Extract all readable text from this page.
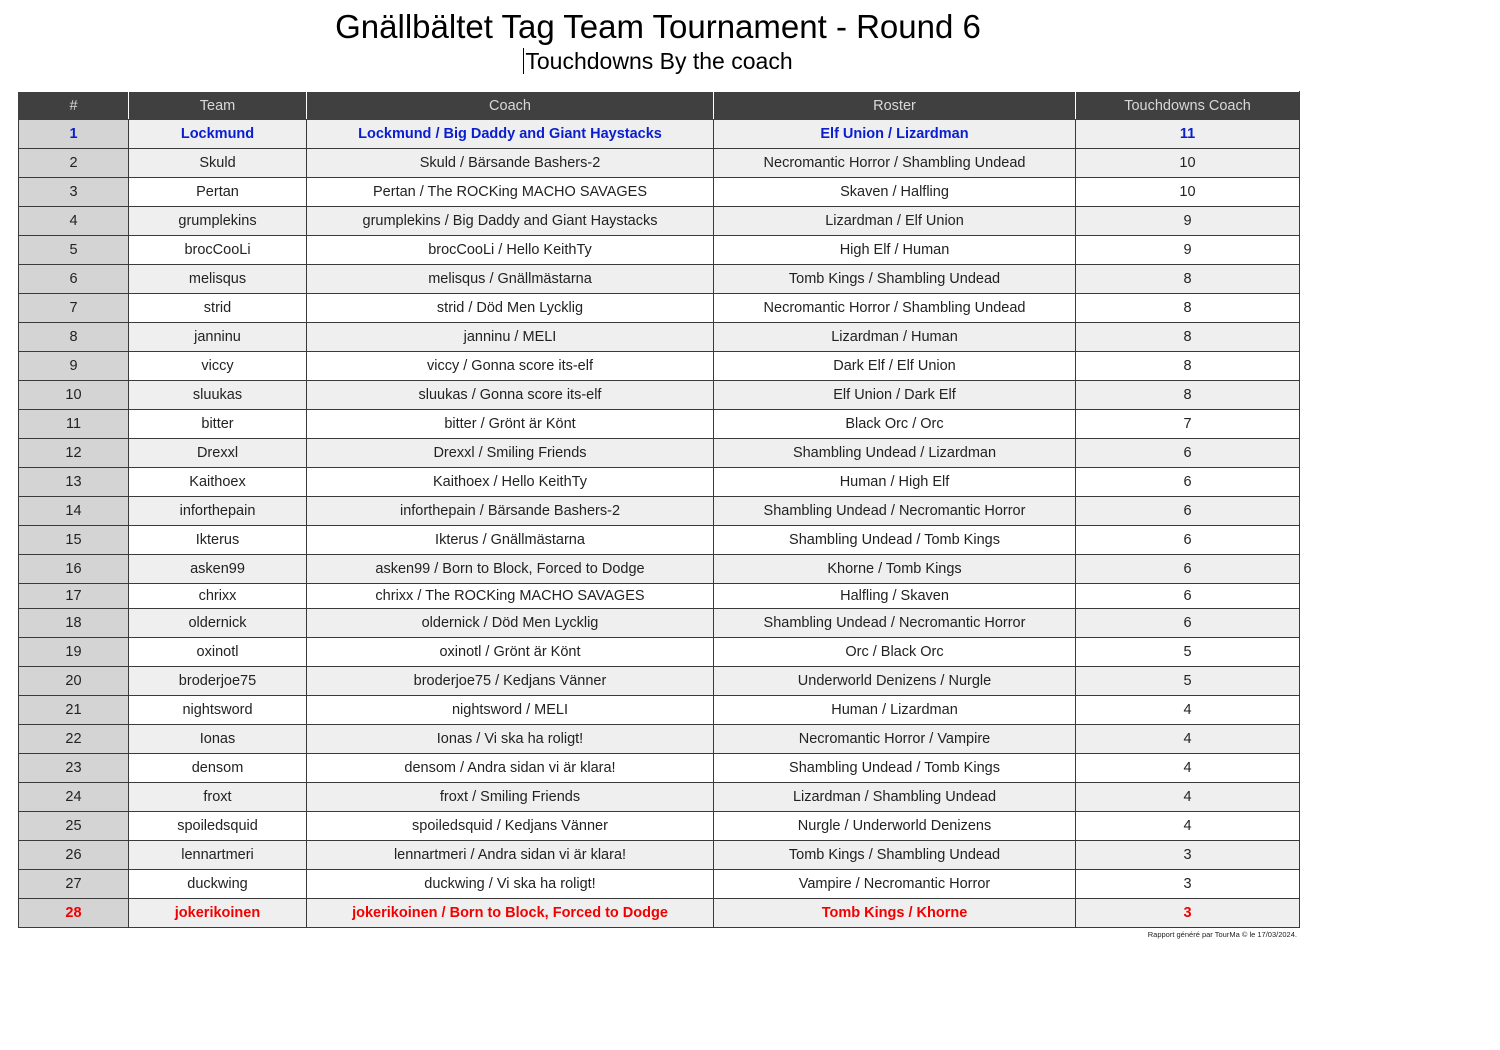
Gnällbältet Tag Team Tournament - Round 6
Touchdowns By the coach
#	Team	Coach	Roster	Touchdowns Coach
1	Lockmund	Lockmund / Big Daddy and Giant Haystacks	Elf Union / Lizardman	11
2	Skuld	Skuld / Bärsande Bashers-2	Necromantic Horror / Shambling Undead	10
3	Pertan	Pertan / The ROCKing MACHO SAVAGES	Skaven / Halfling	10
4	grumplekins	grumplekins / Big Daddy and Giant Haystacks	Lizardman / Elf Union	9
5	brocCooLi	brocCooLi / Hello KeithTy	High Elf / Human	9
6	melisqus	melisqus / Gnällmästarna	Tomb Kings / Shambling Undead	8
7	strid	strid / Död Men Lycklig	Necromantic Horror / Shambling Undead	8
8	janninu	janninu / MELI	Lizardman / Human	8
9	viccy	viccy / Gonna score its-elf	Dark Elf / Elf Union	8
10	sluukas	sluukas / Gonna score its-elf	Elf Union / Dark Elf	8
11	bitter	bitter / Grönt är Könt	Black Orc / Orc	7
12	Drexxl	Drexxl / Smiling Friends	Shambling Undead / Lizardman	6
13	Kaithoex	Kaithoex / Hello KeithTy	Human / High Elf	6
14	inforthepain	inforthepain / Bärsande Bashers-2	Shambling Undead / Necromantic Horror	6
15	Ikterus	Ikterus / Gnällmästarna	Shambling Undead / Tomb Kings	6
16	asken99	asken99 / Born to Block, Forced to Dodge	Khorne / Tomb Kings	6
17	chrixx	chrixx / The ROCKing MACHO SAVAGES	Halfling / Skaven	6
18	oldernick	oldernick / Död Men Lycklig	Shambling Undead / Necromantic Horror	6
19	oxinotl	oxinotl / Grönt är Könt	Orc / Black Orc	5
20	broderjoe75	broderjoe75 / Kedjans Vänner	Underworld Denizens / Nurgle	5
21	nightsword	nightsword / MELI	Human / Lizardman	4
22	Ionas	Ionas / Vi ska ha roligt!	Necromantic Horror / Vampire	4
23	densom	densom / Andra sidan vi är klara!	Shambling Undead / Tomb Kings	4
24	froxt	froxt / Smiling Friends	Lizardman / Shambling Undead	4
25	spoiledsquid	spoiledsquid / Kedjans Vänner	Nurgle / Underworld Denizens	4
26	lennartmeri	lennartmeri / Andra sidan vi är klara!	Tomb Kings / Shambling Undead	3
27	duckwing	duckwing / Vi ska ha roligt!	Vampire / Necromantic Horror	3
28	jokerikoinen	jokerikoinen / Born to Block, Forced to Dodge	Tomb Kings / Khorne	3
Rapport généré par TourMa © le 17/03/2024.
